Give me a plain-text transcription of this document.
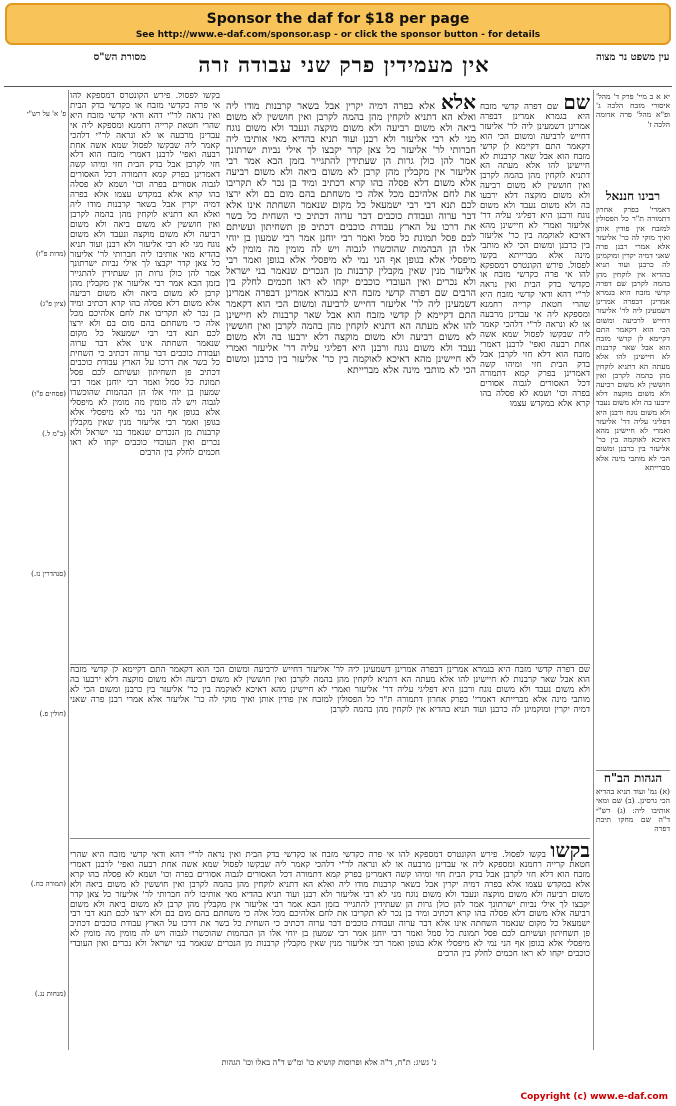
Sponsor the daf for $18 per page
See http://www.e-daf.com/sponsor.asp - or click the sponsor button - for details
מסורת הש"ס	אין מעמידין פרק שני עבודה זרה	עין משפט נר מצוה
פ' א' על רש"י
(מדות פ"ז)
(ציון פ"ג)
(פסחים פ"ו)
(ב"מ ל.)
(סנהדרין נז.)
(חולין פ.)
(תמורה כח.)
(מנחות נג.)
בקשו לפסול. פירש הקונטרס דמספקא להו אי פרה כקדשי מזבח או כקדשי בדק הבית ואין נראה לר"י דהא ודאי קדשי מזבח היא שהרי חטאת קרייה רחמנא ומספקא ליה אי עבדינן מרבעה או לא ונראה לר"י דלהכי קאמר ליה שבקשו לפסול שמא אשה אחת רבעה ואפי' לרבנן דאמרי מזבח הוא דלא חזי לקרבן אבל בדק הבית חזי ומיהו קשה דאמרינן בפרק קמא דתמורה דכל האסורים לגבוה אסורים בפרה וכו' ושמא לא פסלה בהו קרא אלא במקדש עצמו אלא בפרה דמיה יקרין אבל בשאר קרבנות מודו ליה ואלא הא דתניא לוקחין מהן בהמה לקרבן ואין חוששין לא משום ביאה ולא משום רביעה ולא משום מוקצה ונעבד ולא משום נוגח מני לא רבי אליעזר ולא רבנן ועוד תניא בהדיא מאי אותיבו ליה חברותי לר' אליעזר כל צאן קדר יקבצו לך אילי נביות ישרתונך אמר להן כולן גרות הן שעתידין להתגייר בזמן הבא אמר רבי אליעזר אין מקבלין מהן קרבן לא משום ביאה ולא משום רביעה אלא משום דלא פסלה בהו קרא דכתיב ומיד בן נכר לא תקריבו את לחם אלהיכם מכל אלה כי משחתם בהם מום בם ולא ירצו לכם תנא דבי רבי ישמעאל כל מקום שנאמר השחתה אינו אלא דבר ערוה ועבודת כוכבים דבר ערוה דכתיב כי השחית כל בשר את דרכו על הארץ עבודת כוכבים דכתיב פן תשחיתון ועשיתם לכם פסל תמונת כל סמל ואמר רבי יוחנן אמר רבי שמעון בן יוחי אלו הן הבהמות שהוכשרו לגבוה ויש לה מומין מה מומין לא מיפסלי אלא בגופן אף הני נמי לא מיפסלי אלא בגופן ואמר רבי אליעזר מנין שאין מקבלין קרבנות מן הנכרים שנאמר בני ישראל ולא נכרים ואין העובדי כוכבים יקחו לא ראו חכמים לחלק בין הרבים
אלא אלא בפרה דמיה יקרין אבל בשאר קרבנות מודו ליה ואלא הא דתניא לוקחין מהן בהמה לקרבן ואין חוששין לא משום ביאה ולא משום רביעה ולא משום מוקצה ונעבד ולא משום נוגח מני לא רבי אליעזר ולא רבנן ועוד תניא בהדיא מאי אותיבו ליה חברותי לר' אליעזר כל צאן קדר יקבצו לך אילי נביות ישרתונך אמר להן כולן גרות הן שעתידין להתגייר בזמן הבא אמר רבי אליעזר אין מקבלין מהן קרבן לא משום ביאה ולא משום רביעה אלא משום דלא פסלה בהו קרא דכתיב ומיד בן נכר לא תקריבו את לחם אלהיכם מכל אלה כי משחתם בהם מום בם ולא ירצו לכם תנא דבי רבי ישמעאל כל מקום שנאמר השחתה אינו אלא דבר ערוה ועבודת כוכבים דבר ערוה דכתיב כי השחית כל בשר את דרכו על הארץ עבודת כוכבים דכתיב פן תשחיתון ועשיתם לכם פסל תמונת כל סמל ואמר רבי יוחנן אמר רבי שמעון בן יוחי אלו הן הבהמות שהוכשרו לגבוה ויש לה מומין מה מומין לא מיפסלי אלא בגופן אף הני נמי לא מיפסלי אלא בגופן ואמר רבי אליעזר מנין שאין מקבלין קרבנות מן הנכרים שנאמר בני ישראל ולא נכרים ואין העובדי כוכבים יקחו לא ראו חכמים לחלק בין הרבים שם דפרה קדשי מזבח היא בגמרא אמרינן דבפרה אמרינן דשמעינן ליה לר' אליעזר דחייש לרביעה ומשום הכי הוא דקאמר התם דקיימא לן קדשי מזבח הוא אבל שאר קרבנות לא חיישינן להו אלא מעתה הא דתניא לוקחין מהן בהמה לקרבן ואין חוששין לא משום רביעה ולא משום מוקצה דלא ירבעו בה ולא משום נעבד ולא משום נוגח ורבנן היא דפליגי עליה דר' אליעזר ואמרי לא חיישינן מהא דאיכא לאוקמה בין כר' אליעזר בין כרבנן ומשום הכי לא מותבי מינה אלא מברייתא
שם שם דפרה קדשי מזבח היא בגמרא אמרינן דבפרה אמרינן דשמעינן ליה לר' אליעזר דחייש לרביעה ומשום הכי הוא דקאמר התם דקיימא לן קדשי מזבח הוא אבל שאר קרבנות לא חיישינן להו אלא מעתה הא דתניא לוקחין מהן בהמה לקרבן ואין חוששין לא משום רביעה ולא משום מוקצה דלא ירבעו בה ולא משום נעבד ולא משום נוגח ורבנן היא דפליגי עליה דר' אליעזר ואמרי לא חיישינן מהא דאיכא לאוקמה בין כר' אליעזר בין כרבנן ומשום הכי לא מותבי מינה אלא מברייתא בקשו לפסול. פירש הקונטרס דמספקא להו אי פרה כקדשי מזבח או כקדשי בדק הבית ואין נראה לר"י דהא ודאי קדשי מזבח היא שהרי חטאת קרייה רחמנא ומספקא ליה אי עבדינן מרבעה או לא ונראה לר"י דלהכי קאמר ליה שבקשו לפסול שמא אשה אחת רבעה ואפי' לרבנן דאמרי מזבח הוא דלא חזי לקרבן אבל בדק הבית חזי ומיהו קשה דאמרינן בפרק קמא דתמורה דכל האסורים לגבוה אסורים בפרה וכו' ושמא לא פסלה בהו קרא אלא במקדש עצמו
יא א ב מיי' פרק ד' מהל' איסורי מזבח הלכה ג' ופ"א מהל' פרה אדומה הלכה ז'
רבינו חננאל
דאמרי' בפרק אחרון דתמורה ת"ר כל הפסולין למזבח אין פודין אותן ואיך מוקי לה כר' אליעזר אלא אמרי רבנן פרה שאני דמיה יקרין ומוקמינן לה כרבנן ועוד תניא בהדיא אין לוקחין מהן בהמה לקרבן שם דפרה קדשי מזבח היא בגמרא אמרינן דבפרה אמרינן דשמעינן ליה לר' אליעזר דחייש לרביעה ומשום הכי הוא דקאמר התם דקיימא לן קדשי מזבח הוא אבל שאר קרבנות לא חיישינן להו אלא מעתה הא דתניא לוקחין מהן בהמה לקרבן ואין חוששין לא משום רביעה ולא משום מוקצה דלא ירבעו בה ולא משום נעבד ולא משום נוגח ורבנן היא דפליגי עליה דר' אליעזר ואמרי לא חיישינן מהא דאיכא לאוקמה בין כר' אליעזר בין כרבנן ומשום הכי לא מותבי מינה אלא מברייתא
הגהות הב"ח
(א) גמ' ועוד תניא בהדיא הכי גרסינן. (ב) שם ומאי אותיבו ליה: (ג) רש"י ד"ה שם מחקו תיבת דפרה
שם דפרה קדשי מזבח היא בגמרא אמרינן דבפרה אמרינן דשמעינן ליה לר' אליעזר דחייש לרביעה ומשום הכי הוא דקאמר התם דקיימא לן קדשי מזבח הוא אבל שאר קרבנות לא חיישינן להו אלא מעתה הא דתניא לוקחין מהן בהמה לקרבן ואין חוששין לא משום רביעה ולא משום מוקצה דלא ירבעו בה ולא משום נעבד ולא משום נוגח ורבנן היא דפליגי עליה דר' אליעזר ואמרי לא חיישינן מהא דאיכא לאוקמה בין כר' אליעזר בין כרבנן ומשום הכי לא מותבי מינה אלא מברייתא דאמרי' בפרק אחרון דתמורה ת"ר כל הפסולין למזבח אין פודין אותן ואיך מוקי לה כר' אליעזר אלא אמרי רבנן פרה שאני דמיה יקרין ומוקמינן לה כרבנן ועוד תניא בהדיא אין לוקחין מהן בהמה לקרבן
בקשו בקשו לפסול. פירש הקונטרס דמספקא להו אי פרה כקדשי מזבח או כקדשי בדק הבית ואין נראה לר"י דהא ודאי קדשי מזבח היא שהרי חטאת קרייה רחמנא ומספקא ליה אי עבדינן מרבעה או לא ונראה לר"י דלהכי קאמר ליה שבקשו לפסול שמא אשה אחת רבעה ואפי' לרבנן דאמרי מזבח הוא דלא חזי לקרבן אבל בדק הבית חזי ומיהו קשה דאמרינן בפרק קמא דתמורה דכל האסורים לגבוה אסורים בפרה וכו' ושמא לא פסלה בהו קרא אלא במקדש עצמו אלא בפרה דמיה יקרין אבל בשאר קרבנות מודו ליה ואלא הא דתניא לוקחין מהן בהמה לקרבן ואין חוששין לא משום ביאה ולא משום רביעה ולא משום מוקצה ונעבד ולא משום נוגח מני לא רבי אליעזר ולא רבנן ועוד תניא בהדיא מאי אותיבו ליה חברותי לר' אליעזר כל צאן קדר יקבצו לך אילי נביות ישרתונך אמר להן כולן גרות הן שעתידין להתגייר בזמן הבא אמר רבי אליעזר אין מקבלין מהן קרבן לא משום ביאה ולא משום רביעה אלא משום דלא פסלה בהו קרא דכתיב ומיד בן נכר לא תקריבו את לחם אלהיכם מכל אלה כי משחתם בהם מום בם ולא ירצו לכם תנא דבי רבי ישמעאל כל מקום שנאמר השחתה אינו אלא דבר ערוה ועבודת כוכבים דבר ערוה דכתיב כי השחית כל בשר את דרכו על הארץ עבודת כוכבים דכתיב פן תשחיתון ועשיתם לכם פסל תמונת כל סמל ואמר רבי יוחנן אמר רבי שמעון בן יוחי אלו הן הבהמות שהוכשרו לגבוה ויש לה מומין מה מומין לא מיפסלי אלא בגופן אף הני נמי לא מיפסלי אלא בגופן ואמר רבי אליעזר מנין שאין מקבלין קרבנות מן הנכרים שנאמר בני ישראל ולא נכרים ואין העובדי כוכבים יקחו לא ראו חכמים לחלק בין הרבים
ג' גשיג: ת"ח, ד"ה אלא ופרוסות קושיא כו' ומ"ש ד"ה באלו וכו' הגהות
Copyright (c) www.e-daf.com
